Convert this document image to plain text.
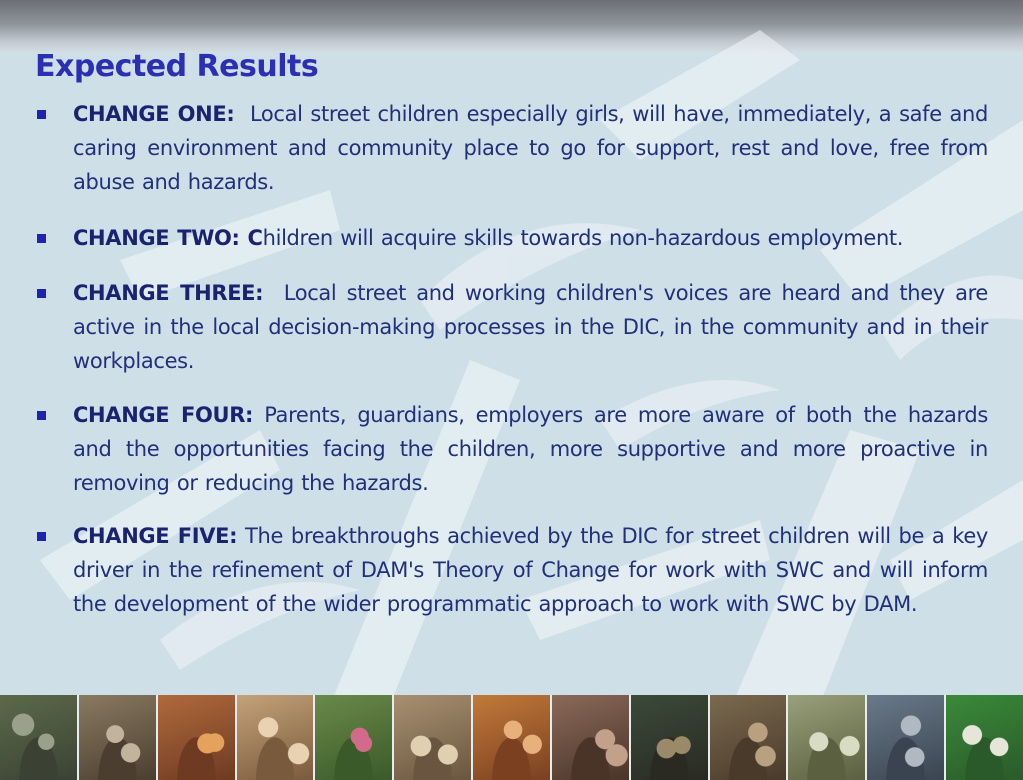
Expected Results
CHANGE ONE: Local street children especially girls, will have, immediately, a safe and caring environment and community place to go for support, rest and love, free from abuse and hazards.
CHANGE TWO: Children will acquire skills towards non-hazardous employment.
CHANGE THREE: Local street and working children's voices are heard and they are active in the local decision-making processes in the DIC, in the community and in their workplaces.
CHANGE FOUR: Parents, guardians, employers are more aware of both the hazards and the opportunities facing the children, more supportive and more proactive in removing or reducing the hazards.
CHANGE FIVE: The breakthroughs achieved by the DIC for street children will be a key driver in the refinement of DAM's Theory of Change for work with SWC and will inform the development of the wider programmatic approach to work with SWC by DAM.
